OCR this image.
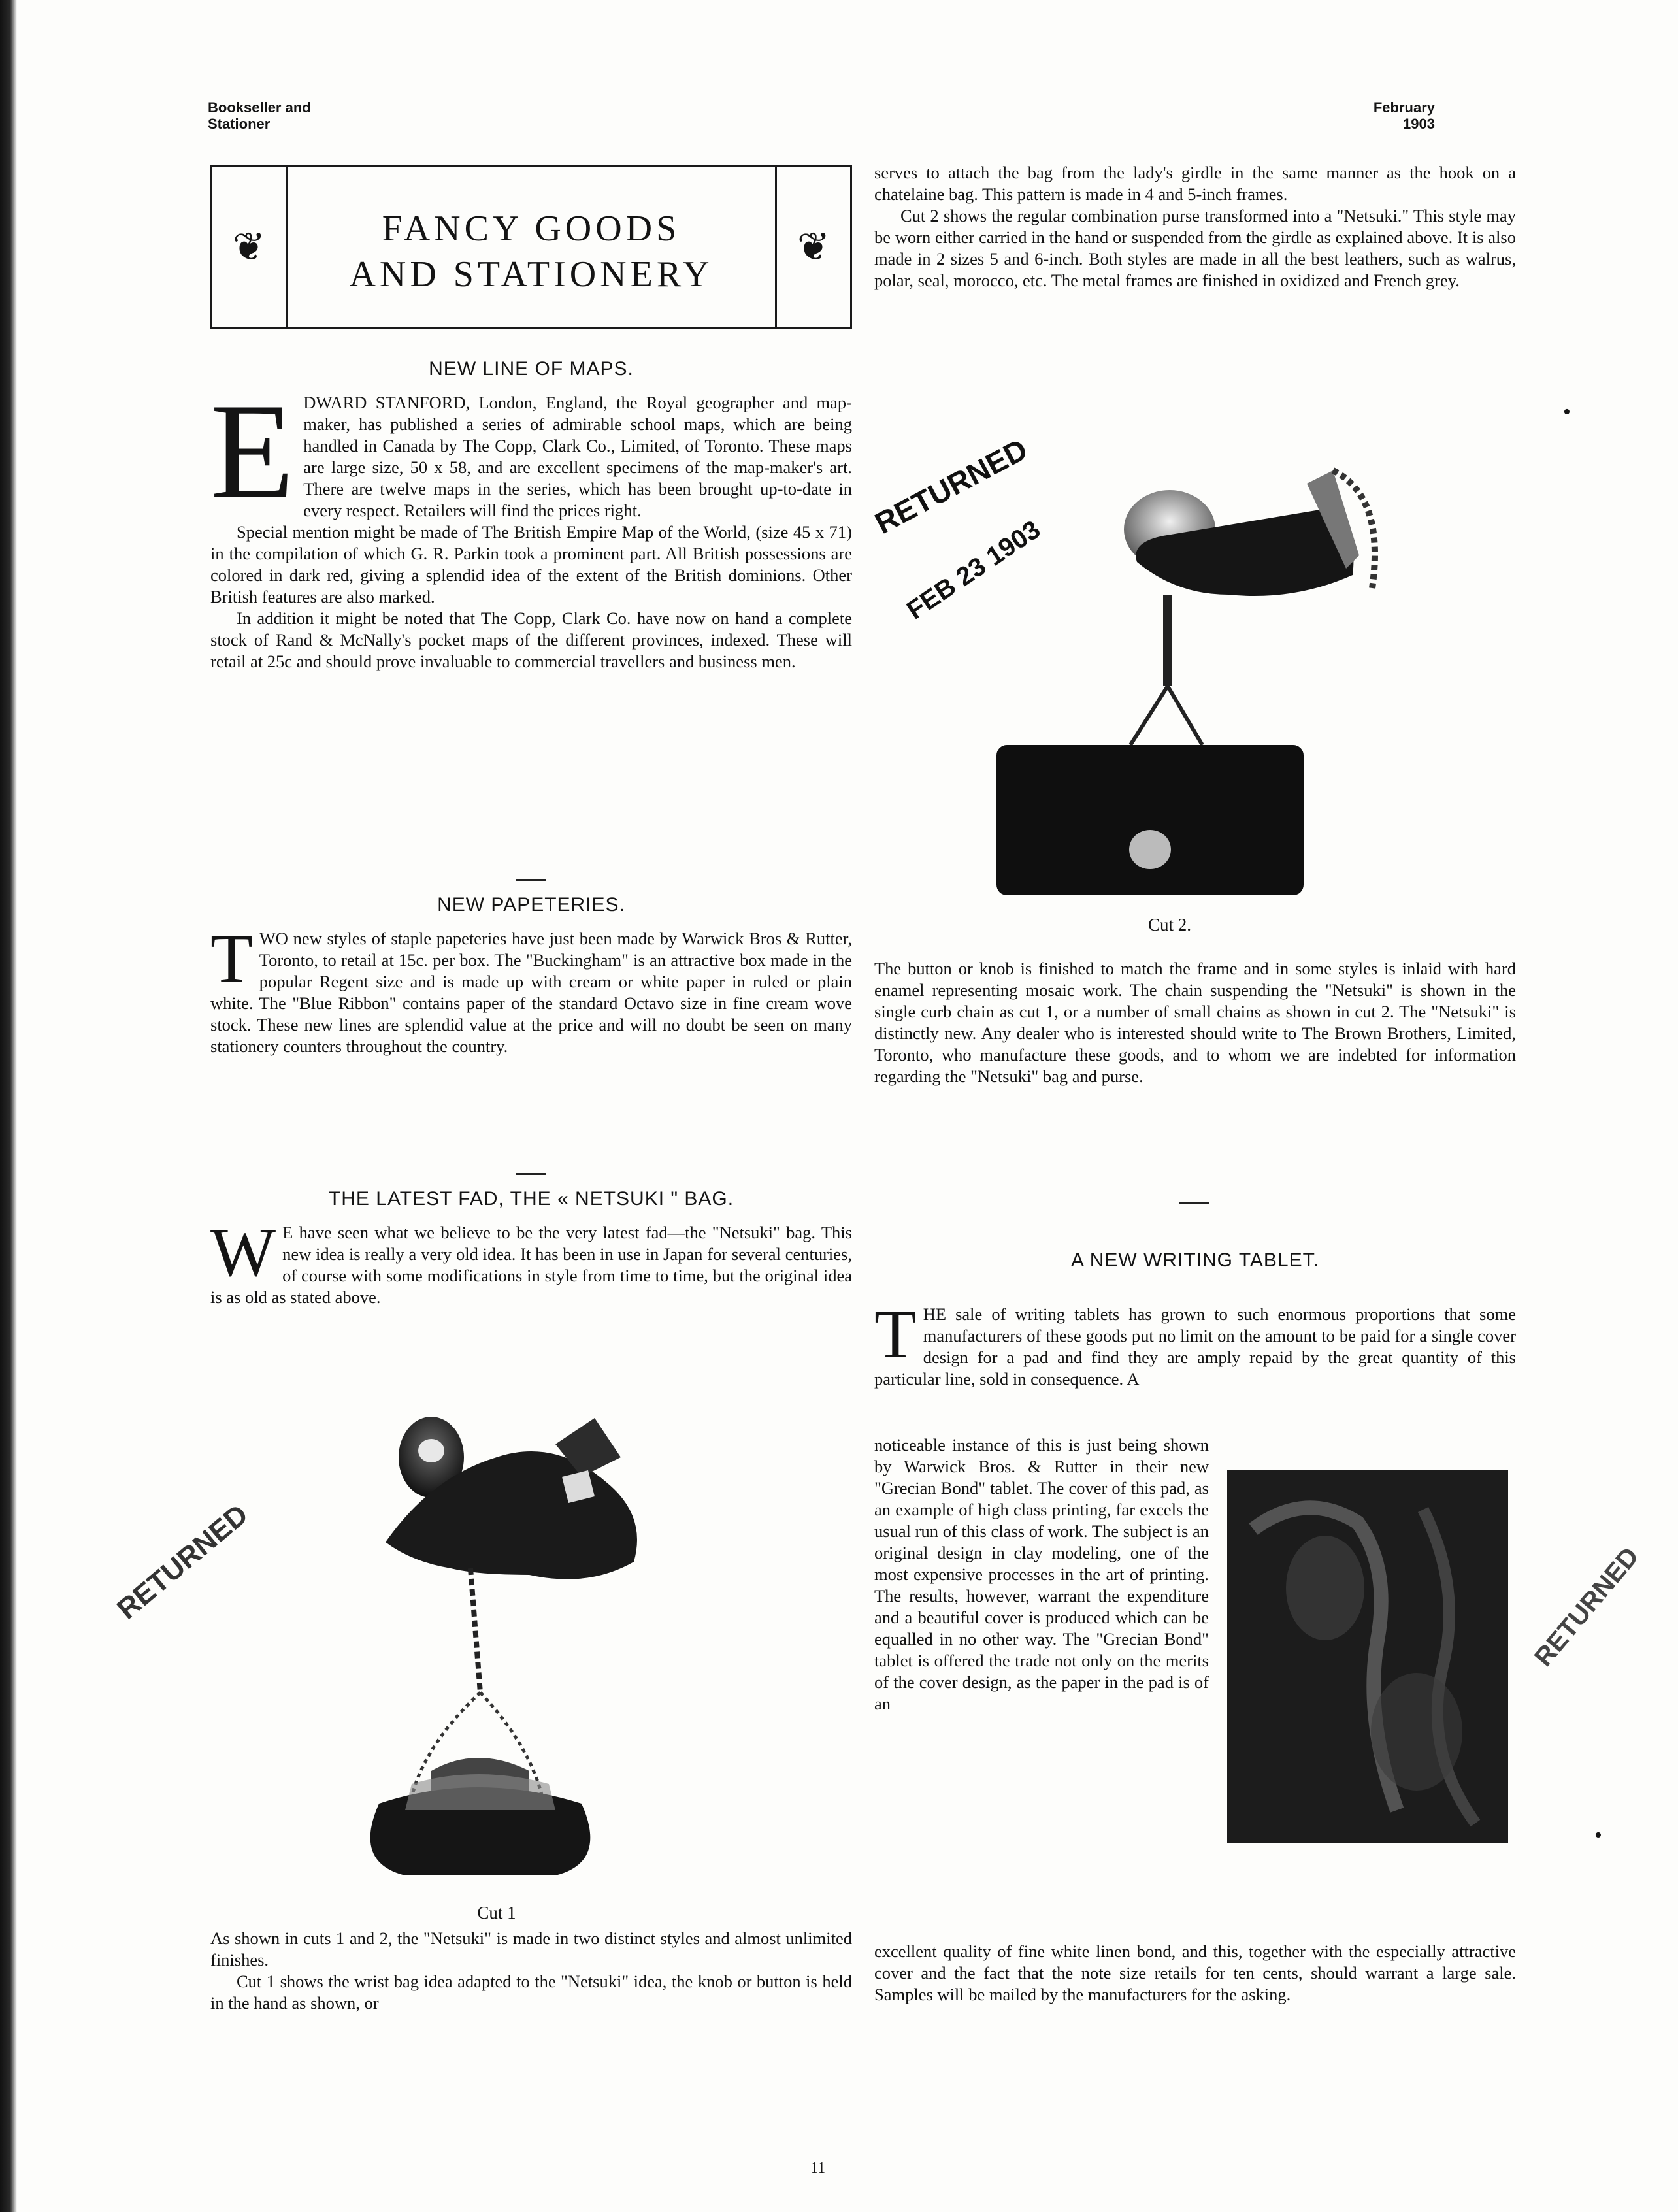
Bookseller and
Stationer
February
1903
❦	FANCY GOODS
AND STATIONERY
❦
NEW LINE OF MAPS.

EDWARD STANFORD, London, England, the Royal geographer and map-maker, has published a series of admirable school maps, which are being handled in Canada by The Copp, Clark Co., Limited, of Toronto. These maps are large size, 50 x 58, and are excellent specimens of the map-maker's art. There are twelve maps in the series, which has been brought up-to-date in every respect. Retailers will find the prices right.

Special mention might be made of The British Empire Map of the World, (size 45 x 71) in the compilation of which G. R. Parkin took a prominent part. All British possessions are colored in dark red, giving a splendid idea of the extent of the British dominions. Other British features are also marked.

In addition it might be noted that The Copp, Clark Co. have now on hand a complete stock of Rand & McNally's pocket maps of the different provinces, indexed. These will retail at 25c and should prove invaluable to commercial travellers and business men.

NEW PAPETERIES.

TWO new styles of staple papeteries have just been made by Warwick Bros & Rutter, Toronto, to retail at 15c. per box. The "Buckingham" is an attractive box made in the popular Regent size and is made up with cream or white paper in ruled or plain white. The "Blue Ribbon" contains paper of the standard Octavo size in fine cream wove stock. These new lines are splendid value at the price and will no doubt be seen on many stationery counters throughout the country.

THE LATEST FAD, THE « NETSUKI " BAG.

W E have seen what we believe to be the very latest fad—the "Netsuki" bag. This new idea is really a very old idea. It has been in use in Japan for several centuries, of course with some modifications in style from time to time, but the original idea is as old as stated above.

Cut 1

As shown in cuts 1 and 2, the "Netsuki" is made in two distinct styles and almost unlimited finishes.

Cut 1 shows the wrist bag idea adapted to the "Netsuki" idea, the knob or button is held in the hand as shown, or

serves to attach the bag from the lady's girdle in the same manner as the hook on a chatelaine bag. This pattern is made in 4 and 5-inch frames.

Cut 2 shows the regular combination purse transformed into a "Netsuki." This style may be worn either carried in the hand or suspended from the girdle as explained above. It is also made in 2 sizes 5 and 6-inch. Both styles are made in all the best leathers, such as walrus, polar, seal, morocco, etc. The metal frames are finished in oxidized and French grey.

Cut 2.

The button or knob is finished to match the frame and in some styles is inlaid with hard enamel representing mosaic work. The chain suspending the "Netsuki" is shown in the single curb chain as cut 1, or a number of small chains as shown in cut 2. The "Netsuki" is distinctly new. Any dealer who is interested should write to The Brown Brothers, Limited, Toronto, who manufacture these goods, and to whom we are indebted for information regarding the "Netsuki" bag and purse.

A NEW WRITING TABLET.

THE sale of writing tablets has grown to such enormous proportions that some manufacturers of these goods put no limit on the amount to be paid for a single cover design for a pad and find they are amply repaid by the great quantity of this particular line, sold in consequence. A

noticeable instance of this is just being shown by Warwick Bros. & Rutter in their new "Grecian Bond" tablet. The cover of this pad, as an example of high class printing, far excels the usual run of this class of work. The subject is an original design in clay modeling, one of the most expensive processes in the art of printing. The results, however, warrant the expenditure and a beautiful cover is produced which can be equalled in no other way. The "Grecian Bond" tablet is offered the trade not only on the merits of the cover design, as the paper in the pad is of an

excellent quality of fine white linen bond, and this, together with the especially attractive cover and the fact that the note size retails for ten cents, should warrant a large sale. Samples will be mailed by the manufacturers for the asking.

RETURNED
FEB 23 1903
RETURNED	RETURNED
•
•
11
